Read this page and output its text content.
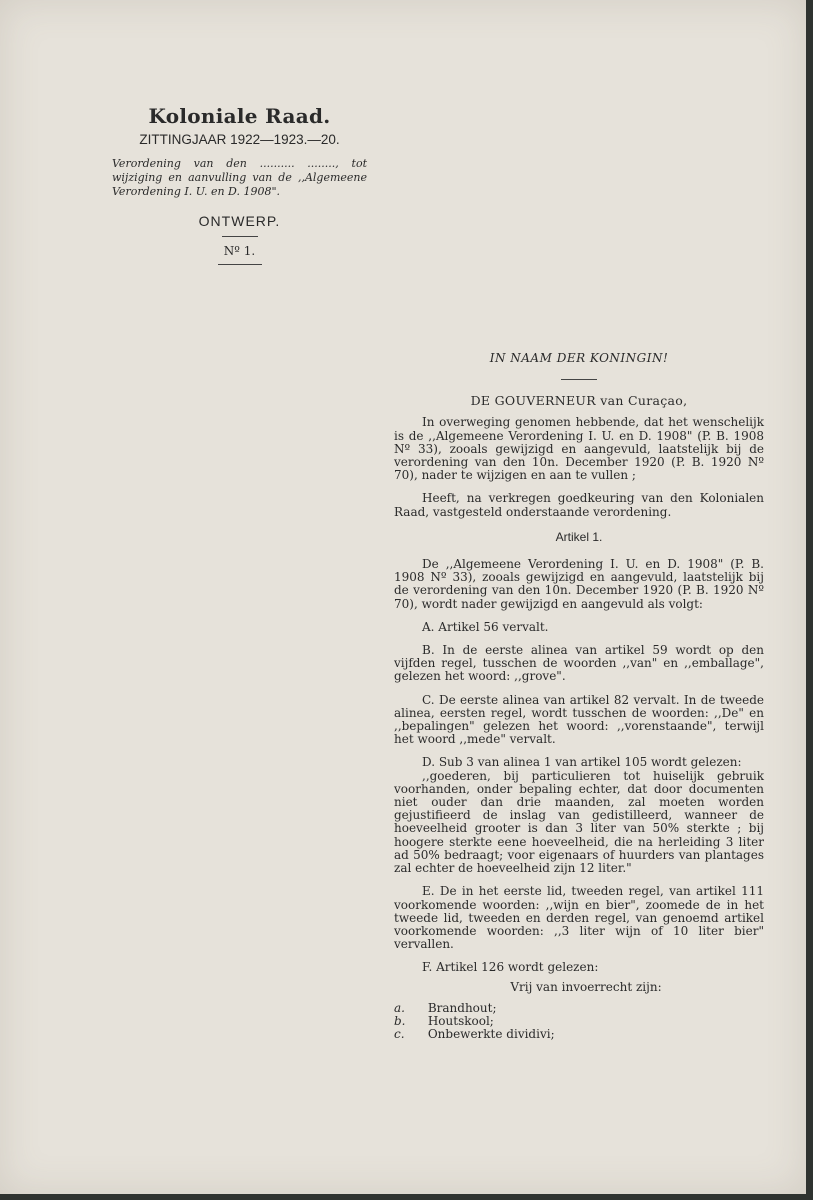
Koloniale Raad.
ZITTINGJAAR 1922—1923.—20.
Verordening van den .......... ........, tot wijziging en aanvulling van de ,,Algemeene Verordening I. U. en D. 1908".
ONTWERP.
Nº 1.
IN NAAM DER KONINGIN!
DE GOUVERNEUR van Curaçao,

In overweging genomen hebbende, dat het wenschelijk is de ,,Algemeene Verordening I. U. en D. 1908" (P. B. 1908 Nº 33), zooals gewijzigd en aangevuld, laatstelijk bij de verordening van den 10n. December 1920 (P. B. 1920 Nº 70), nader te wijzigen en aan te vullen ;

Heeft, na verkregen goedkeuring van den Kolonialen Raad, vastgesteld onderstaande verordening.

Artikel 1.

De ,,Algemeene Verordening I. U. en D. 1908" (P. B. 1908 Nº 33), zooals gewijzigd en aangevuld, laatstelijk bij de verordening van den 10n. December 1920 (P. B. 1920 Nº 70), wordt nader gewijzigd en aangevuld als volgt:

A. Artikel 56 vervalt.

B. In de eerste alinea van artikel 59 wordt op den vijfden regel, tusschen de woorden ,,van" en ,,emballage", gelezen het woord: ,,grove".

C. De eerste alinea van artikel 82 vervalt. In de tweede alinea, eersten regel, wordt tusschen de woorden: ,,De" en ,,bepalingen" gelezen het woord: ,,vorenstaande", terwijl het woord ,,mede" vervalt.

D. Sub 3 van alinea 1 van artikel 105 wordt gelezen:

,,goederen, bij particulieren tot huiselijk gebruik voorhanden, onder bepaling echter, dat door documenten niet ouder dan drie maanden, zal moeten worden gejustifieerd de inslag van gedistilleerd, wanneer de hoeveelheid grooter is dan 3 liter van 50% sterkte ; bij hoogere sterkte eene hoeveelheid, die na herleiding 3 liter ad 50% bedraagt; voor eigenaars of huurders van plantages zal echter de hoeveelheid zijn 12 liter."

E. De in het eerste lid, tweeden regel, van artikel 111 voorkomende woorden: ,,wijn en bier", zoomede de in het tweede lid, tweeden en derden regel, van genoemd artikel voorkomende woorden: ,,3 liter wijn of 10 liter bier" vervallen.

F. Artikel 126 wordt gelezen:

Vrij van invoerrecht zijn:
a. Brandhout;
b. Houtskool;
c. Onbewerkte dividivi;
